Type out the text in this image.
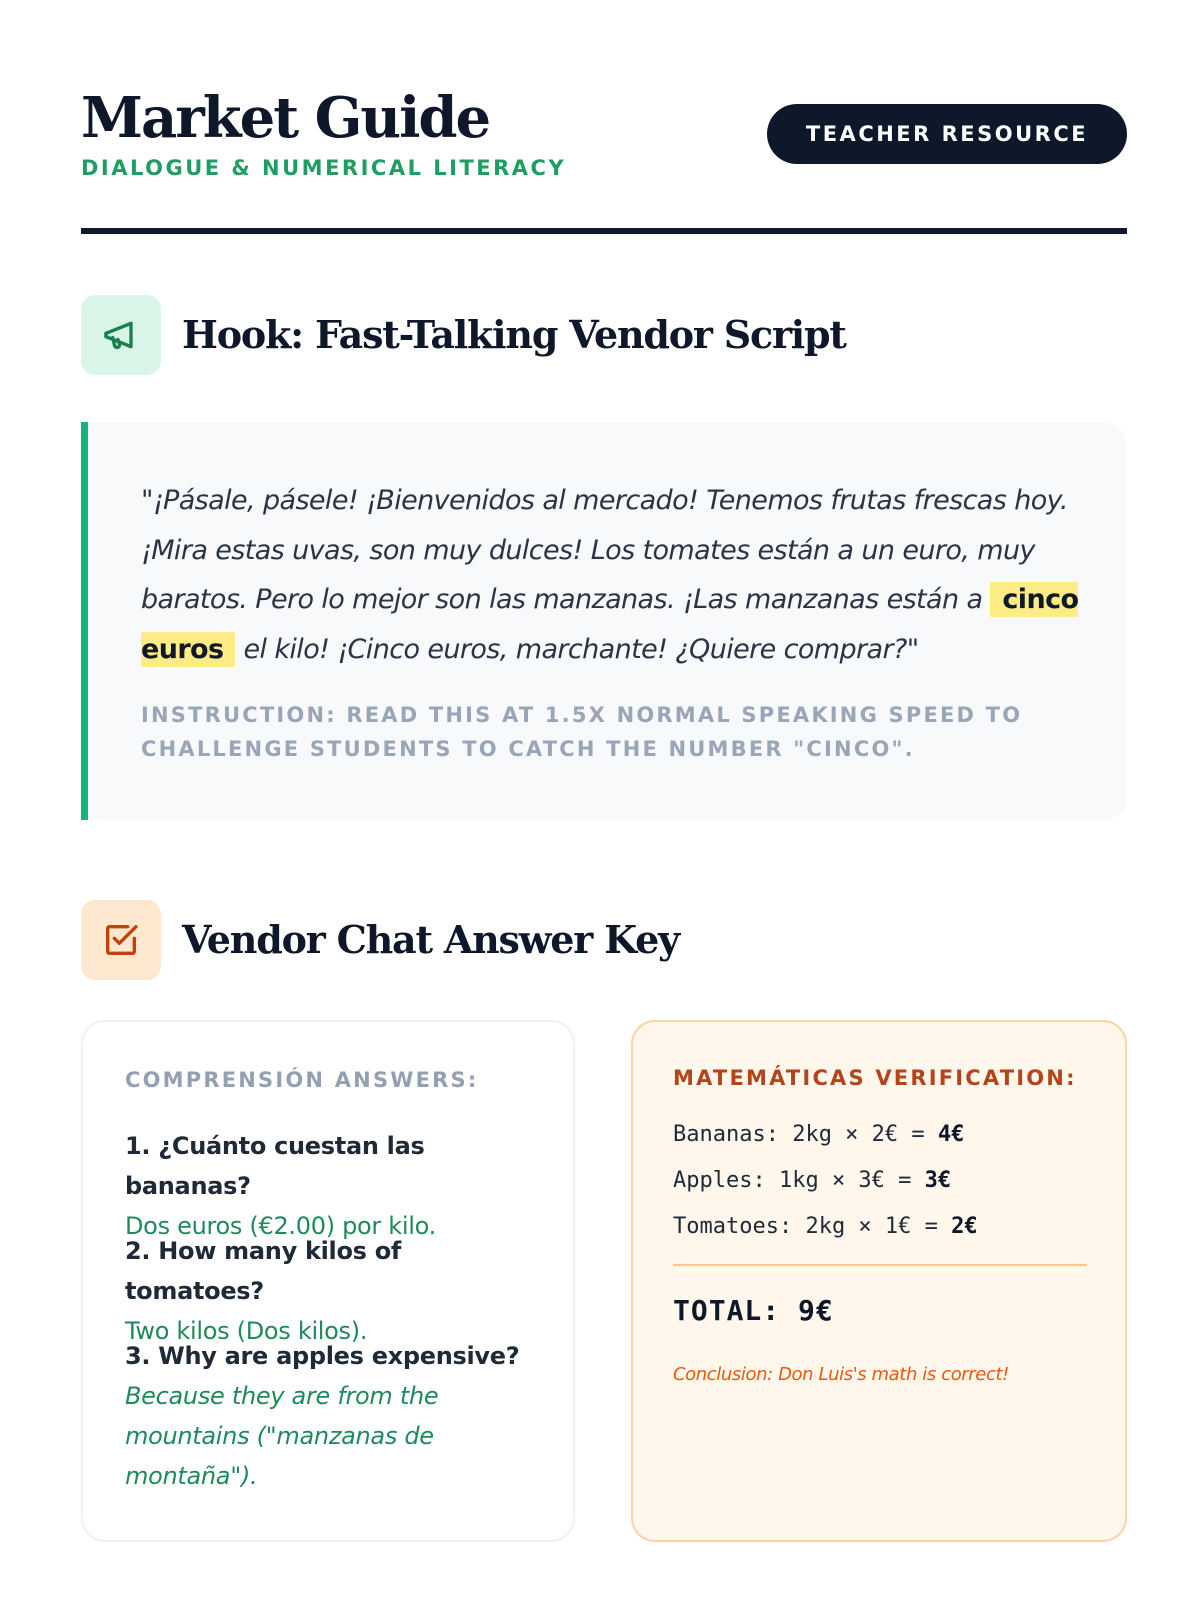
Market Guide
DIALOGUE & NUMERICAL LITERACY
TEACHER RESOURCE
Hook: Fast-Talking Vendor Script
"¡Pásale, pásele! ¡Bienvenidos al mercado! Tenemos frutas frescas hoy. ¡Mira estas uvas, son muy dulces! Los tomates están a un euro, muy baratos. Pero lo mejor son las manzanas. ¡Las manzanas están a cinco euros el kilo! ¡Cinco euros, marchante! ¿Quiere comprar?"
INSTRUCTION: READ THIS AT 1.5X NORMAL SPEAKING SPEED TO CHALLENGE STUDENTS TO CATCH THE NUMBER "CINCO".
Vendor Chat Answer Key
COMPRENSIÓN ANSWERS:
1. ¿Cuánto cuestan las bananas?
Dos euros (€2.00) por kilo.
2. How many kilos of tomatoes?
Two kilos (Dos kilos).
3. Why are apples expensive?
Because they are from the mountains ("manzanas de montaña").
MATEMÁTICAS VERIFICATION:
Bananas: 2kg × 2€ = 4€
Apples: 1kg × 3€ = 3€
Tomatoes: 2kg × 1€ = 2€
TOTAL: 9€
Conclusion: Don Luis's math is correct!
